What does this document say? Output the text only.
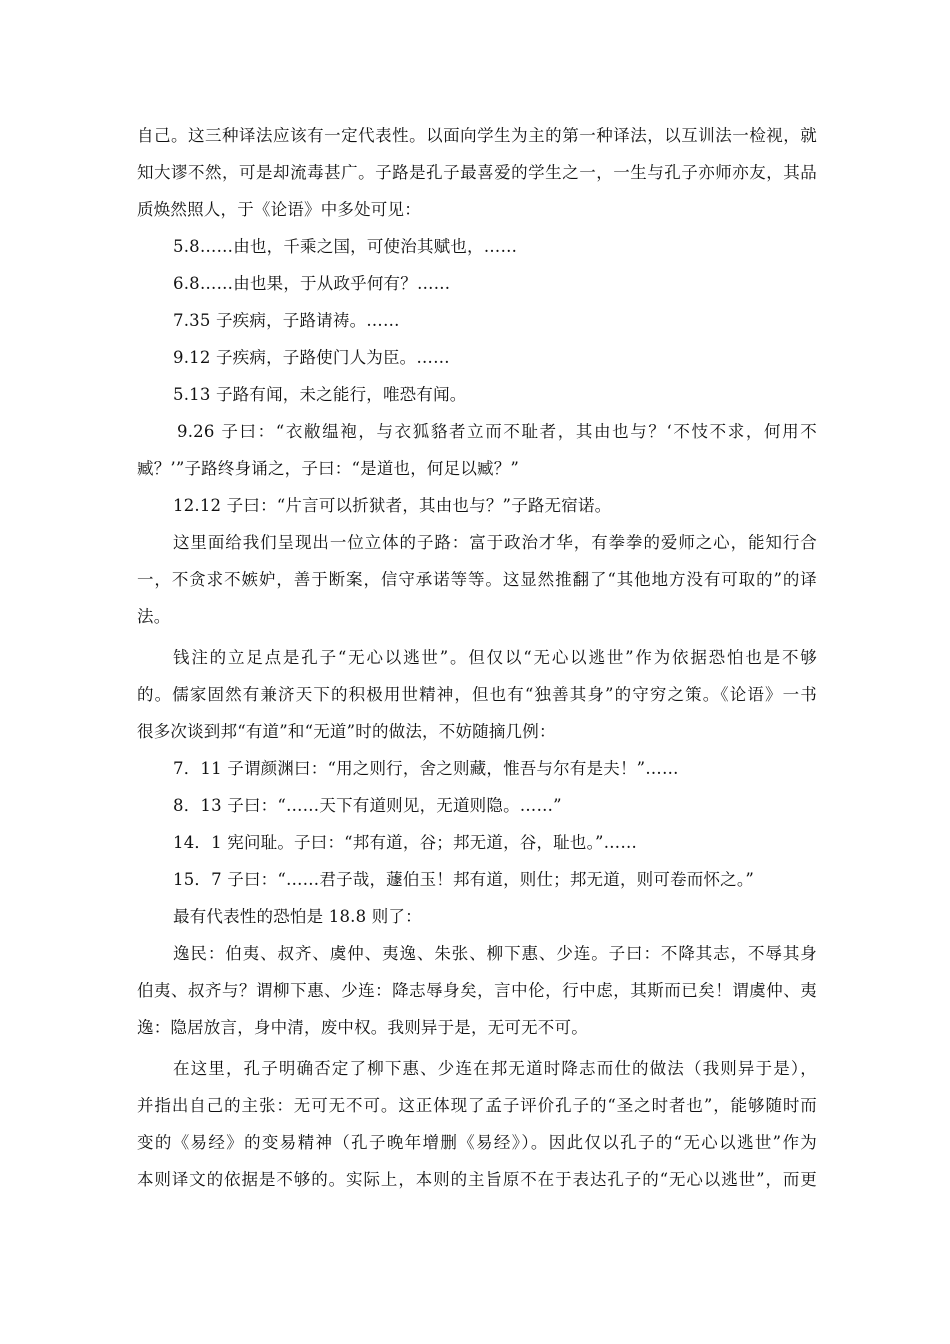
自己。这三种译法应该有一定代表性。以面向学生为主的第一种译法，以互训法一检视，就
知大谬不然，可是却流毒甚广。子路是孔子最喜爱的学生之一，一生与孔子亦师亦友，其品
质焕然照人，于《论语》中多处可见：
5.8……由也，千乘之国，可使治其赋也，……
6.8……由也果，于从政乎何有？……
7.35 子疾病，子路请祷。……
9.12 子疾病，子路使门人为臣。……
5.13 子路有闻，未之能行，唯恐有闻。
9.26 子曰：“衣敝缊袍，与衣狐貉者立而不耻者，其由也与？‘不忮不求，何用不
臧？’”子路终身诵之，子曰：“是道也，何足以臧？”
12.12 子曰：“片言可以折狱者，其由也与？”子路无宿诺。
这里面给我们呈现出一位立体的子路：富于政治才华，有拳拳的爱师之心，能知行合
一，不贪求不嫉妒，善于断案，信守承诺等等。这显然推翻了“其他地方没有可取的”的译
法。
钱注的立足点是孔子“无心以逃世”。但仅以“无心以逃世”作为依据恐怕也是不够
的。儒家固然有兼济天下的积极用世精神，但也有“独善其身”的守穷之策。《论语》一书
很多次谈到邦“有道”和“无道”时的做法，不妨随摘几例：
7．11 子谓颜渊曰：“用之则行，舍之则藏，惟吾与尔有是夫！”……
8．13 子曰：“……天下有道则见，无道则隐。……”
14．1 宪问耻。子曰：“邦有道，谷；邦无道，谷，耻也。”……
15．7 子曰：“……君子哉，蘧伯玉！邦有道，则仕；邦无道，则可卷而怀之。”
最有代表性的恐怕是 18.8 则了：
逸民：伯夷、叔齐、虞仲、夷逸、朱张、柳下惠、少连。子曰：不降其志，不辱其身
伯夷、叔齐与？谓柳下惠、少连：降志辱身矣，言中伦，行中虑，其斯而已矣！谓虞仲、夷
逸：隐居放言，身中清，废中权。我则异于是，无可无不可。
在这里，孔子明确否定了柳下惠、少连在邦无道时降志而仕的做法（我则异于是），
并指出自己的主张：无可无不可。这正体现了孟子评价孔子的“圣之时者也”，能够随时而
变的《易经》的变易精神（孔子晚年增删《易经》）。因此仅以孔子的“无心以逃世”作为
本则译文的依据是不够的。实际上，本则的主旨原不在于表达孔子的“无心以逃世”，而更
